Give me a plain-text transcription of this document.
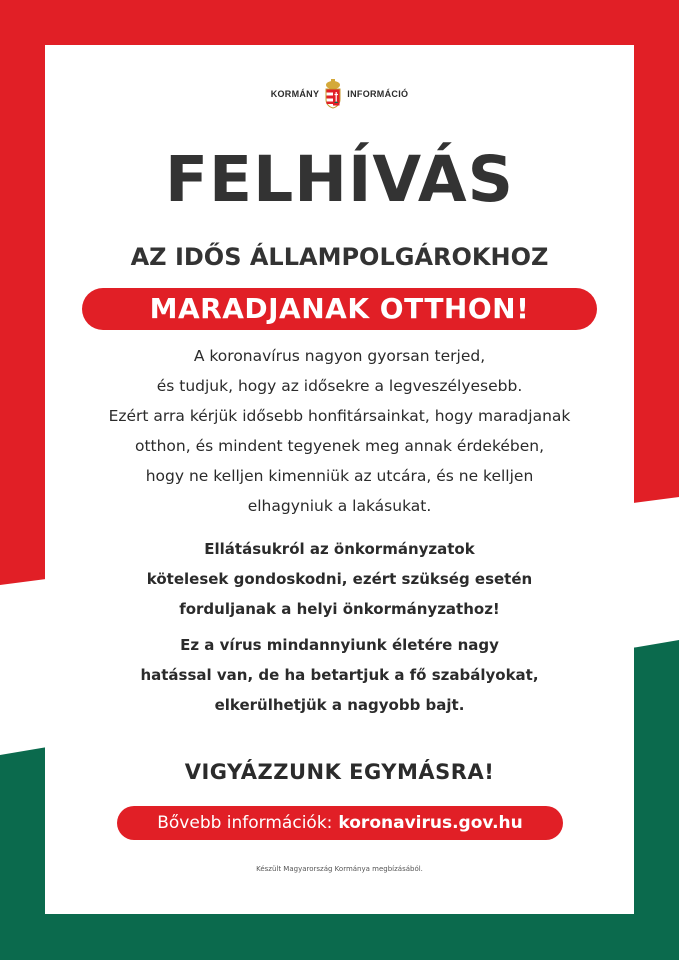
KORMÁNY	INFORMÁCIÓ
FELHÍVÁS
AZ IDŐS ÁLLAMPOLGÁROKHOZ
MARADJANAK OTTHON!
A koronavírus nagyon gyorsan terjed,
és tudjuk, hogy az idősekre a legveszélyesebb.
Ezért arra kérjük idősebb honfitársainkat, hogy maradjanak
otthon, és mindent tegyenek meg annak érdekében,
hogy ne kelljen kimenniük az utcára, és ne kelljen
elhagyniuk a lakásukat.
Ellátásukról az önkormányzatok
kötelesek gondoskodni, ezért szükség esetén
forduljanak a helyi önkormányzathoz!
Ez a vírus mindannyiunk életére nagy
hatással van, de ha betartjuk a fő szabályokat,
elkerülhetjük a nagyobb bajt.
VIGYÁZZUNK EGYMÁSRA!
Bővebb információk: koronavirus.gov.hu
Készült Magyarország Kormánya megbízásából.
